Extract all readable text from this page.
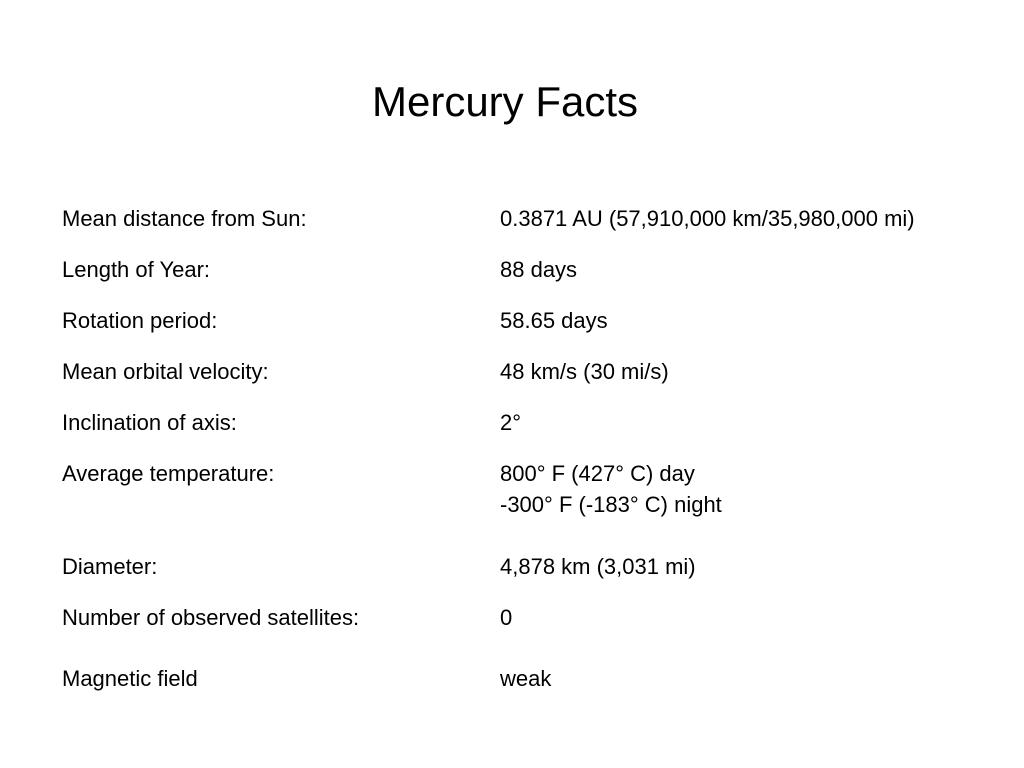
Mercury Facts
Mean distance from Sun:	0.3871 AU (57,910,000 km/35,980,000 mi)
Length of Year:	88 days
Rotation period:	58.65 days
Mean orbital velocity:	48 km/s (30 mi/s)
Inclination of axis:	2°
Average temperature:	800° F (427° C) day
-300° F (-183° C) night
Diameter:	4,878 km (3,031 mi)
Number of observed satellites:	0
Magnetic field	weak
